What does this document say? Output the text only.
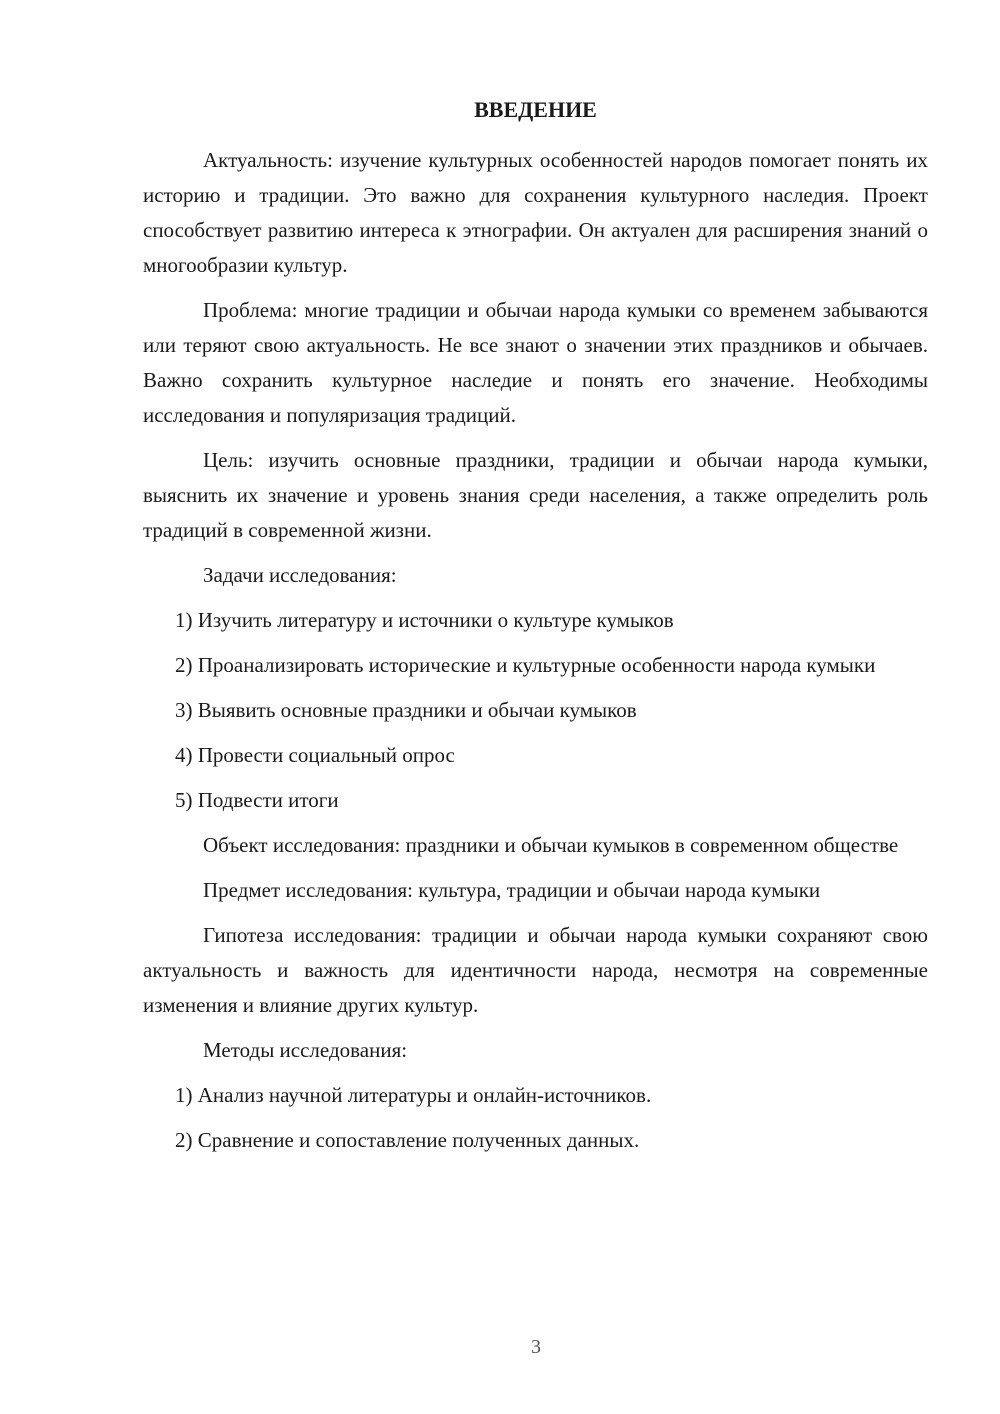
ВВЕДЕНИЕ

Актуальность: изучение культурных особенностей народов помогает понять их историю и традиции. Это важно для сохранения культурного наследия. Проект способствует развитию интереса к этнографии. Он актуален для расширения знаний о многообразии культур.

Проблема: многие традиции и обычаи народа кумыки со временем забываются или теряют свою актуальность. Не все знают о значении этих праздников и обычаев. Важно сохранить культурное наследие и понять его значение. Необходимы исследования и популяризация традиций.

Цель: изучить основные праздники, традиции и обычаи народа кумыки, выяснить их значение и уровень знания среди населения, а также определить роль традиций в современной жизни.

Задачи исследования:

1) Изучить литературу и источники о культуре кумыков

2) Проанализировать исторические и культурные особенности народа кумыки

3) Выявить основные праздники и обычаи кумыков

4) Провести социальный опрос

5) Подвести итоги

Объект исследования: праздники и обычаи кумыков в современном обществе

Предмет исследования: культура, традиции и обычаи народа кумыки

Гипотеза исследования: традиции и обычаи народа кумыки сохраняют свою актуальность и важность для идентичности народа, несмотря на современные изменения и влияние других культур.

Методы исследования:

1) Анализ научной литературы и онлайн-источников.

2) Сравнение и сопоставление полученных данных.

3
